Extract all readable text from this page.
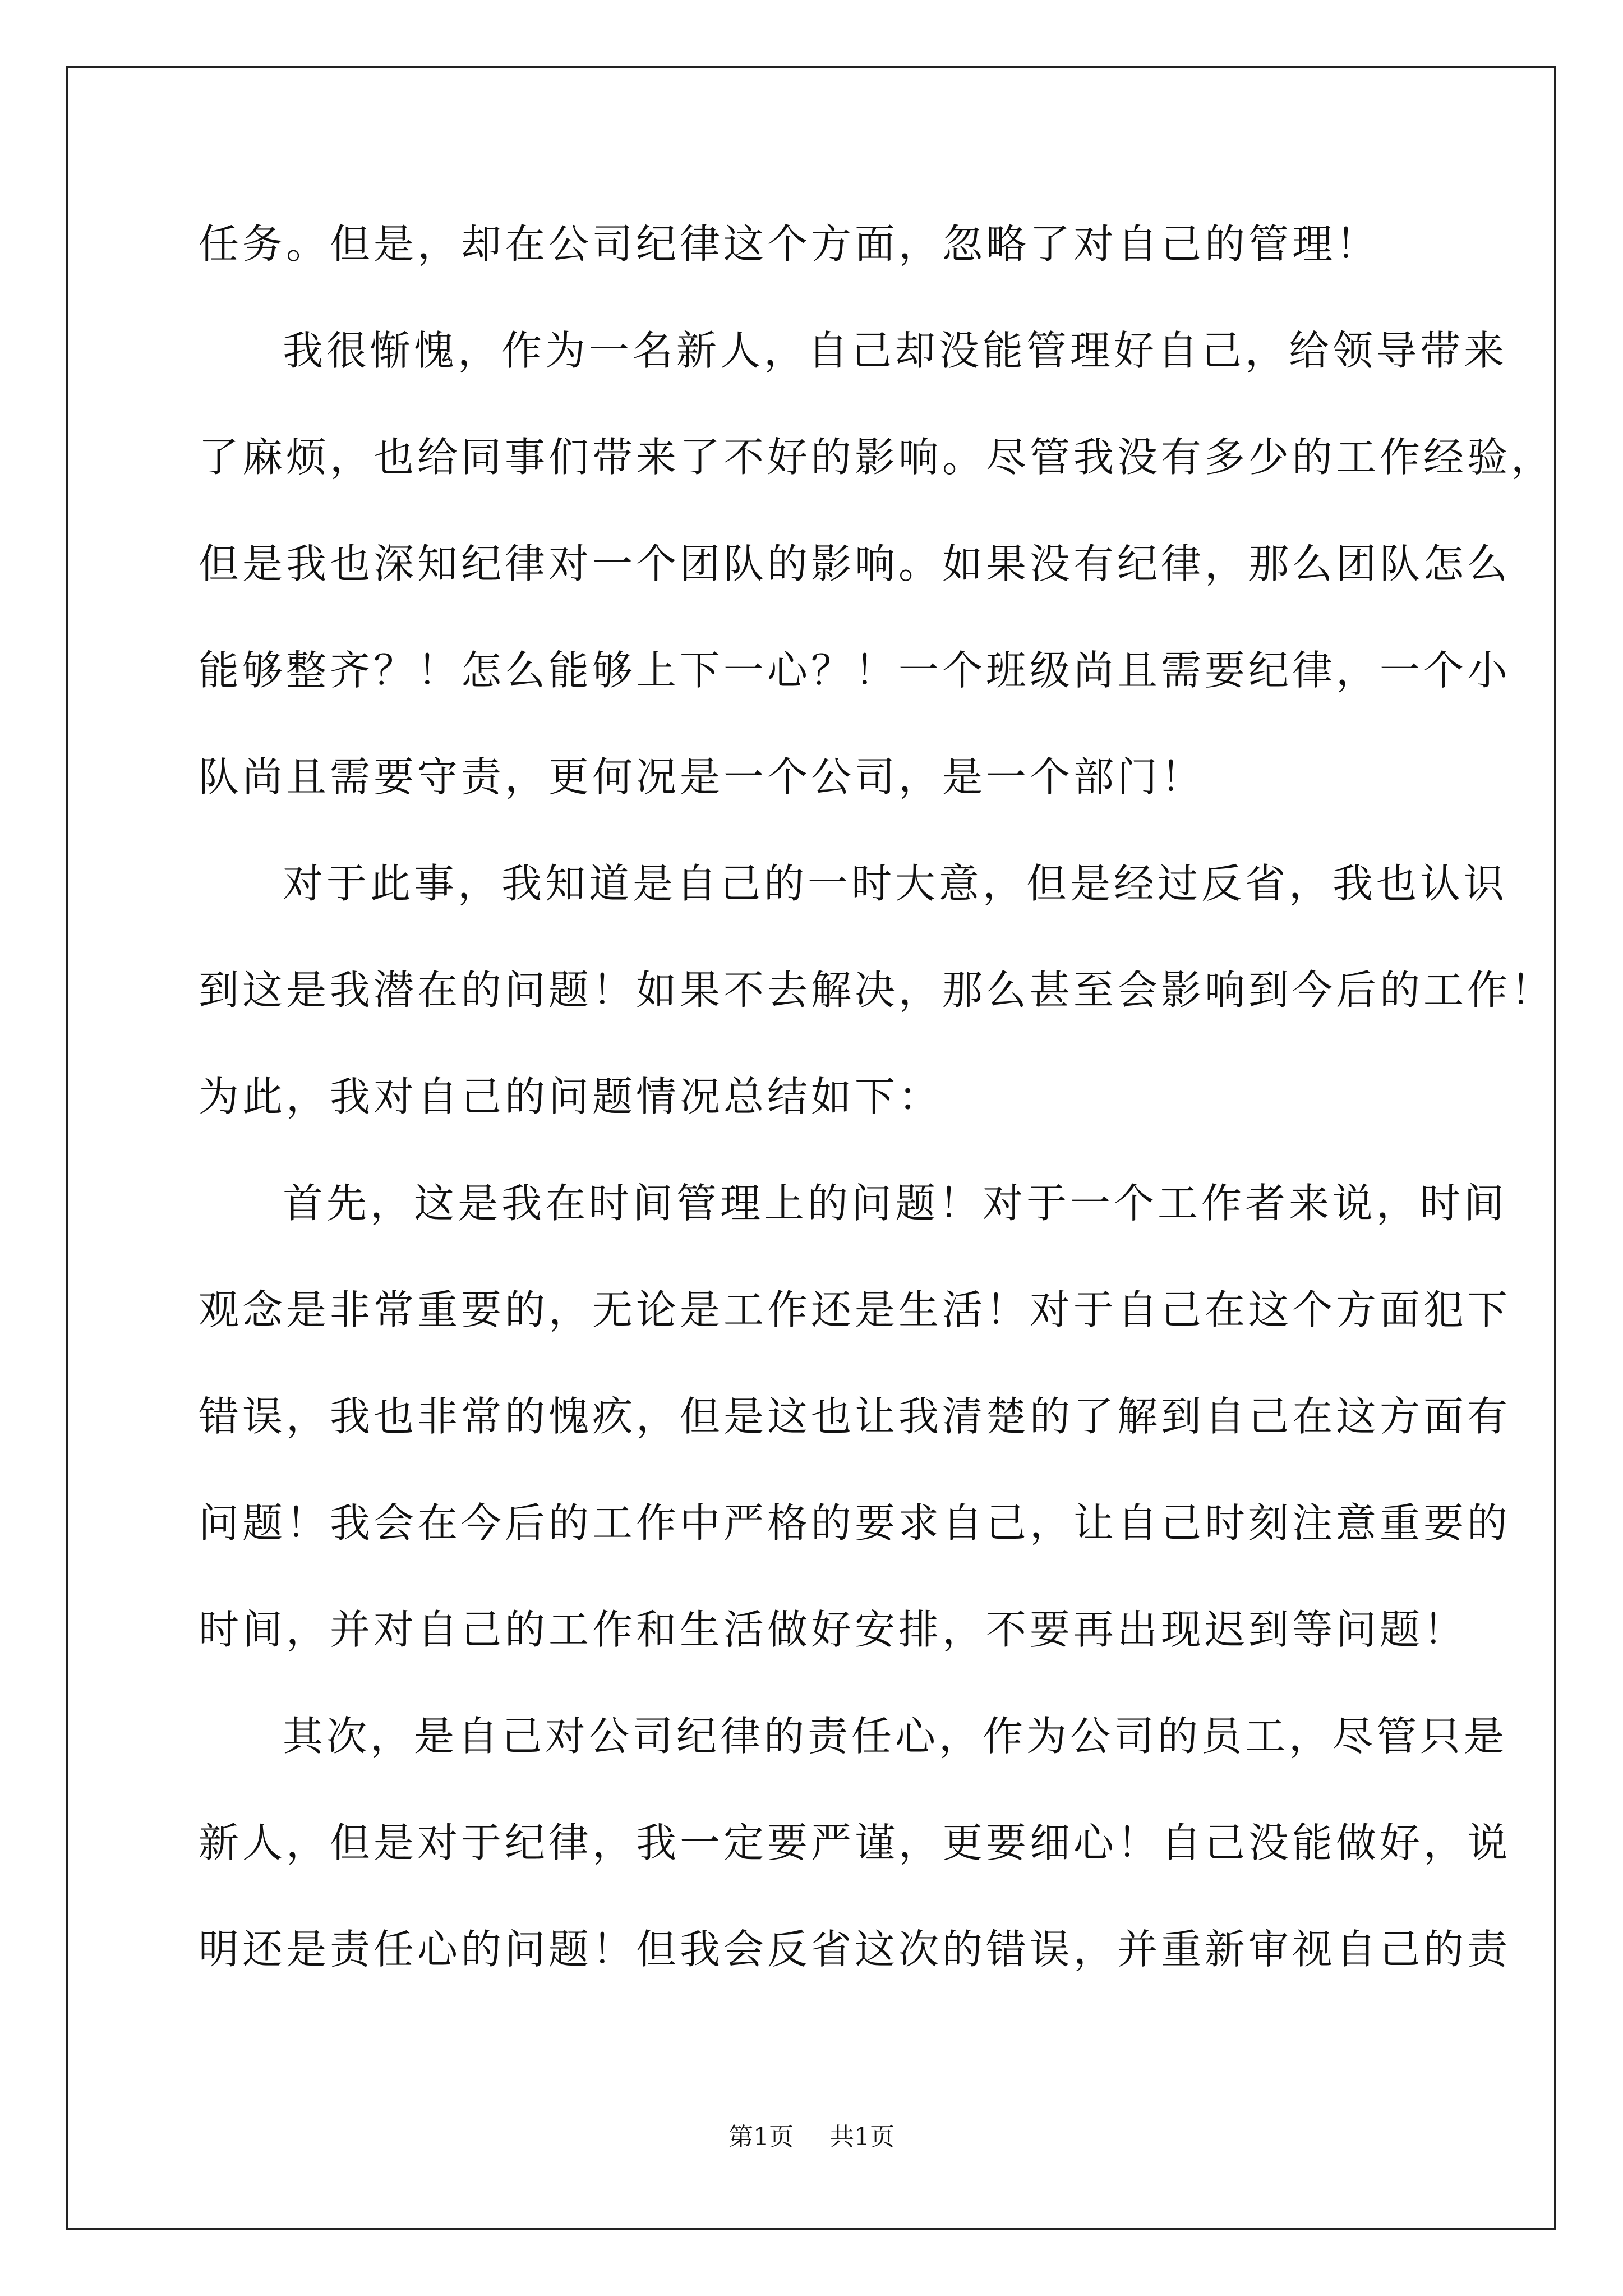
任务。但是，却在公司纪律这个方面，忽略了对自己的管理！
我很惭愧，作为一名新人，自己却没能管理好自己，给领导带来
了麻烦，也给同事们带来了不好的影响。尽管我没有多少的工作经验，
但是我也深知纪律对一个团队的影响。如果没有纪律，那么团队怎么
能够整齐？！怎么能够上下一心？！一个班级尚且需要纪律，一个小
队尚且需要守责，更何况是一个公司，是一个部门！
对于此事，我知道是自己的一时大意，但是经过反省，我也认识
到这是我潜在的问题！如果不去解决，那么甚至会影响到今后的工作！
为此，我对自己的问题情况总结如下：
首先，这是我在时间管理上的问题！对于一个工作者来说，时间
观念是非常重要的，无论是工作还是生活！对于自己在这个方面犯下
错误，我也非常的愧疚，但是这也让我清楚的了解到自己在这方面有
问题！我会在今后的工作中严格的要求自己，让自己时刻注意重要的
时间，并对自己的工作和生活做好安排，不要再出现迟到等问题！
其次，是自己对公司纪律的责任心，作为公司的员工，尽管只是
新人，但是对于纪律，我一定要严谨，更要细心！自己没能做好，说
明还是责任心的问题！但我会反省这次的错误，并重新审视自己的责
第1页 共1页
